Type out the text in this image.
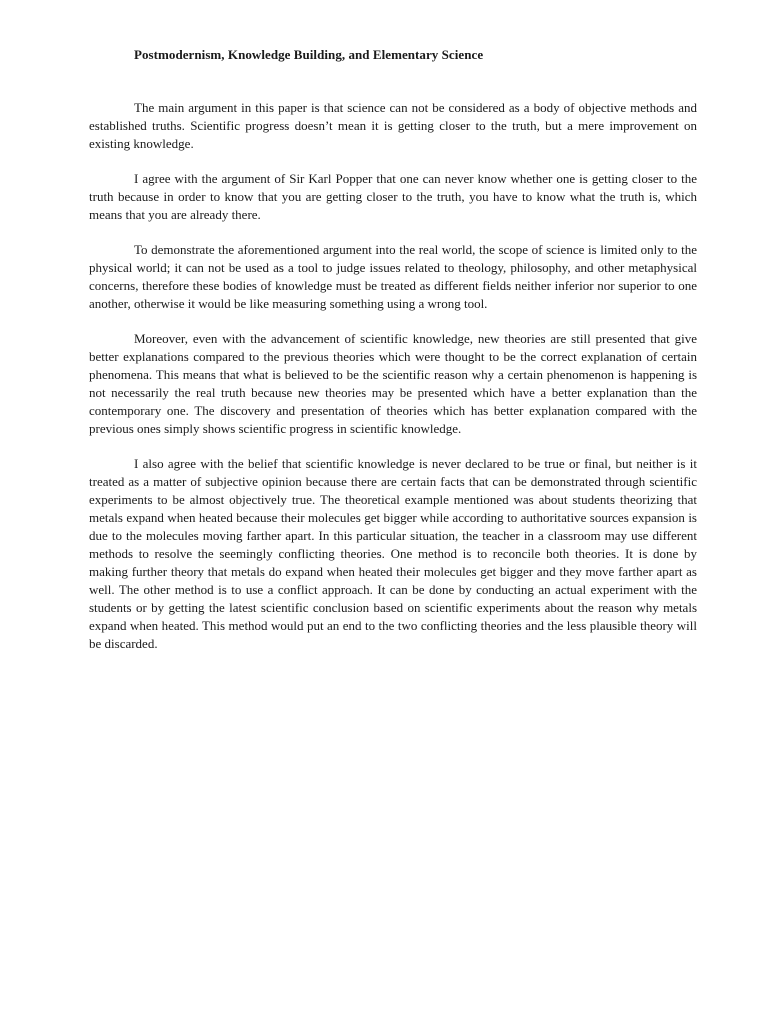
Postmodernism, Knowledge Building, and Elementary Science

The main argument in this paper is that science can not be considered as a body of objective methods and established truths. Scientific progress doesn’t mean it is getting closer to the truth, but a mere improvement on existing knowledge.

I agree with the argument of Sir Karl Popper that one can never know whether one is getting closer to the truth because in order to know that you are getting closer to the truth, you have to know what the truth is, which means that you are already there.

To demonstrate the aforementioned argument into the real world, the scope of science is limited only to the physical world; it can not be used as a tool to judge issues related to theology, philosophy, and other metaphysical concerns, therefore these bodies of knowledge must be treated as different fields neither inferior nor superior to one another, otherwise it would be like measuring something using a wrong tool.

Moreover, even with the advancement of scientific knowledge, new theories are still presented that give better explanations compared to the previous theories which were thought to be the correct explanation of certain phenomena. This means that what is believed to be the scientific reason why a certain phenomenon is happening is not necessarily the real truth because new theories may be presented which have a better explanation than the contemporary one. The discovery and presentation of theories which has better explanation compared with the previous ones simply shows scientific progress in scientific knowledge.

I also agree with the belief that scientific knowledge is never declared to be true or final, but neither is it treated as a matter of subjective opinion because there are certain facts that can be demonstrated through scientific experiments to be almost objectively true. The theoretical example mentioned was about students theorizing that metals expand when heated because their molecules get bigger while according to authoritative sources expansion is due to the molecules moving farther apart. In this particular situation, the teacher in a classroom may use different methods to resolve the seemingly conflicting theories. One method is to reconcile both theories. It is done by making further theory that metals do expand when heated their molecules get bigger and they move farther apart as well. The other method is to use a conflict approach. It can be done by conducting an actual experiment with the students or by getting the latest scientific conclusion based on scientific experiments about the reason why metals expand when heated. This method would put an end to the two conflicting theories and the less plausible theory will be discarded.
